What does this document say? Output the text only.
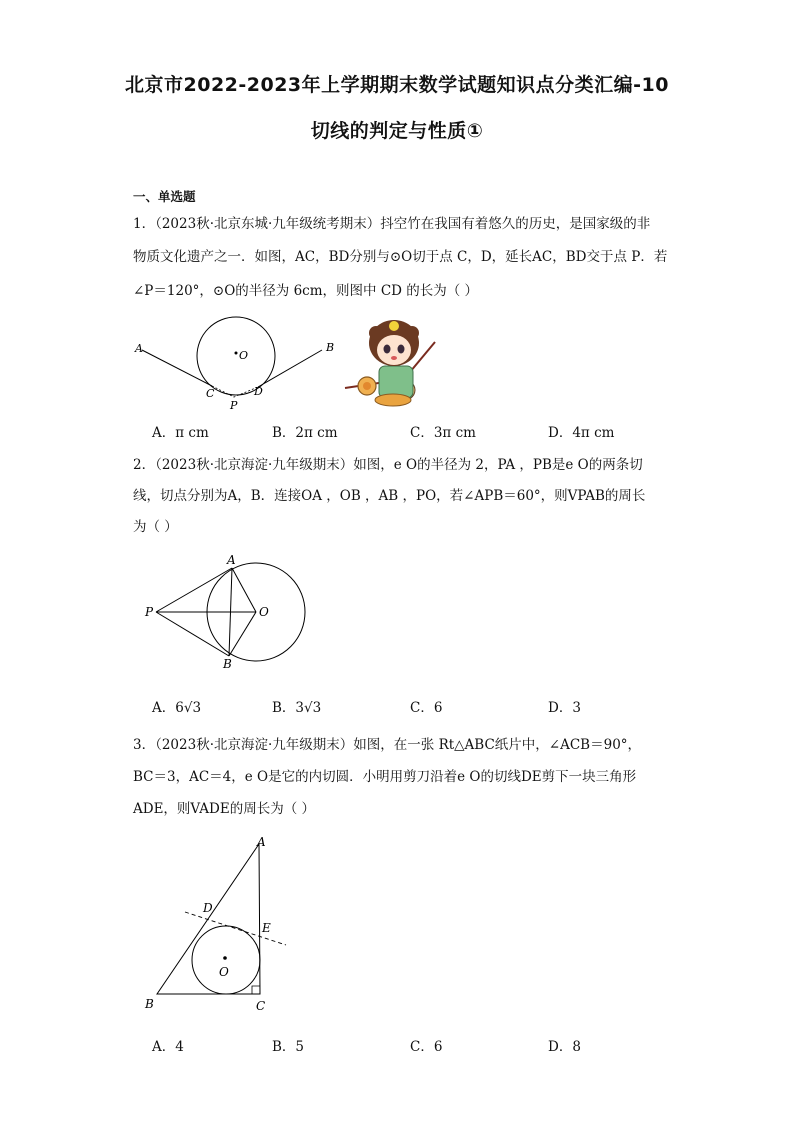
北京市2022-2023年上学期期末数学试题知识点分类汇编-10
切线的判定与性质①
一、单选题
1．（2023秋·北京东城·九年级统考期末）抖空竹在我国有着悠久的历史，是国家级的非
物质文化遗产之一．如图，AC，BD分别与⊙O切于点 C，D，延长AC，BD交于点 P．若
∠P＝120°，⊙O的半径为 6cm，则图中 CD 的长为（ ）
A	B
O
C	D
P
A．π cm	B．2π cm	C．3π cm	D．4π cm
2．（2023秋·北京海淀·九年级期末）如图，e O的半径为 2，PA ，PB是e O的两条切
线，切点分别为A，B．连接OA ，OB ，AB ，PO，若∠APB＝60°，则VPAB的周长
为（ ）
A
P	O
B
A．6√3	B．3√3	C．6	D．3
3．（2023秋·北京海淀·九年级期末）如图，在一张 Rt△ABC纸片中，∠ACB＝90°，
BC＝3，AC＝4，e O是它的内切圆．小明用剪刀沿着e O的切线DE剪下一块三角形
ADE，则VADE的周长为（ ）
A
D
E
O
B	C
A．4	B．5	C．6	D．8
